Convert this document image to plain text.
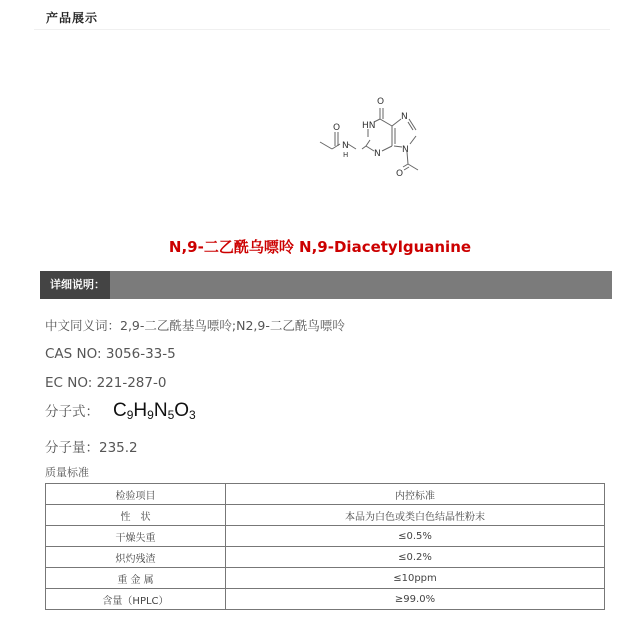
产品展示
O
HN
N
O
N
H	N N
O
N,9-二乙酰乌嘌呤 N,9-Diacetylguanine
详细说明：
中文同义词：2,9-二乙酰基鸟嘌呤;N2,9-二乙酰鸟嘌呤
CAS NO: 3056-33-5
EC NO: 221-287-0
分子式： $C_9H_9N_5O_3$
分子量：235.2
质量标准
检验项目	内控标准
性　状	本品为白色或类白色结晶性粉末
干燥失重	≤0.5%
炽灼残渣	≤0.2%
重 金 属	≤10ppm
含量（HPLC）	≥99.0%
